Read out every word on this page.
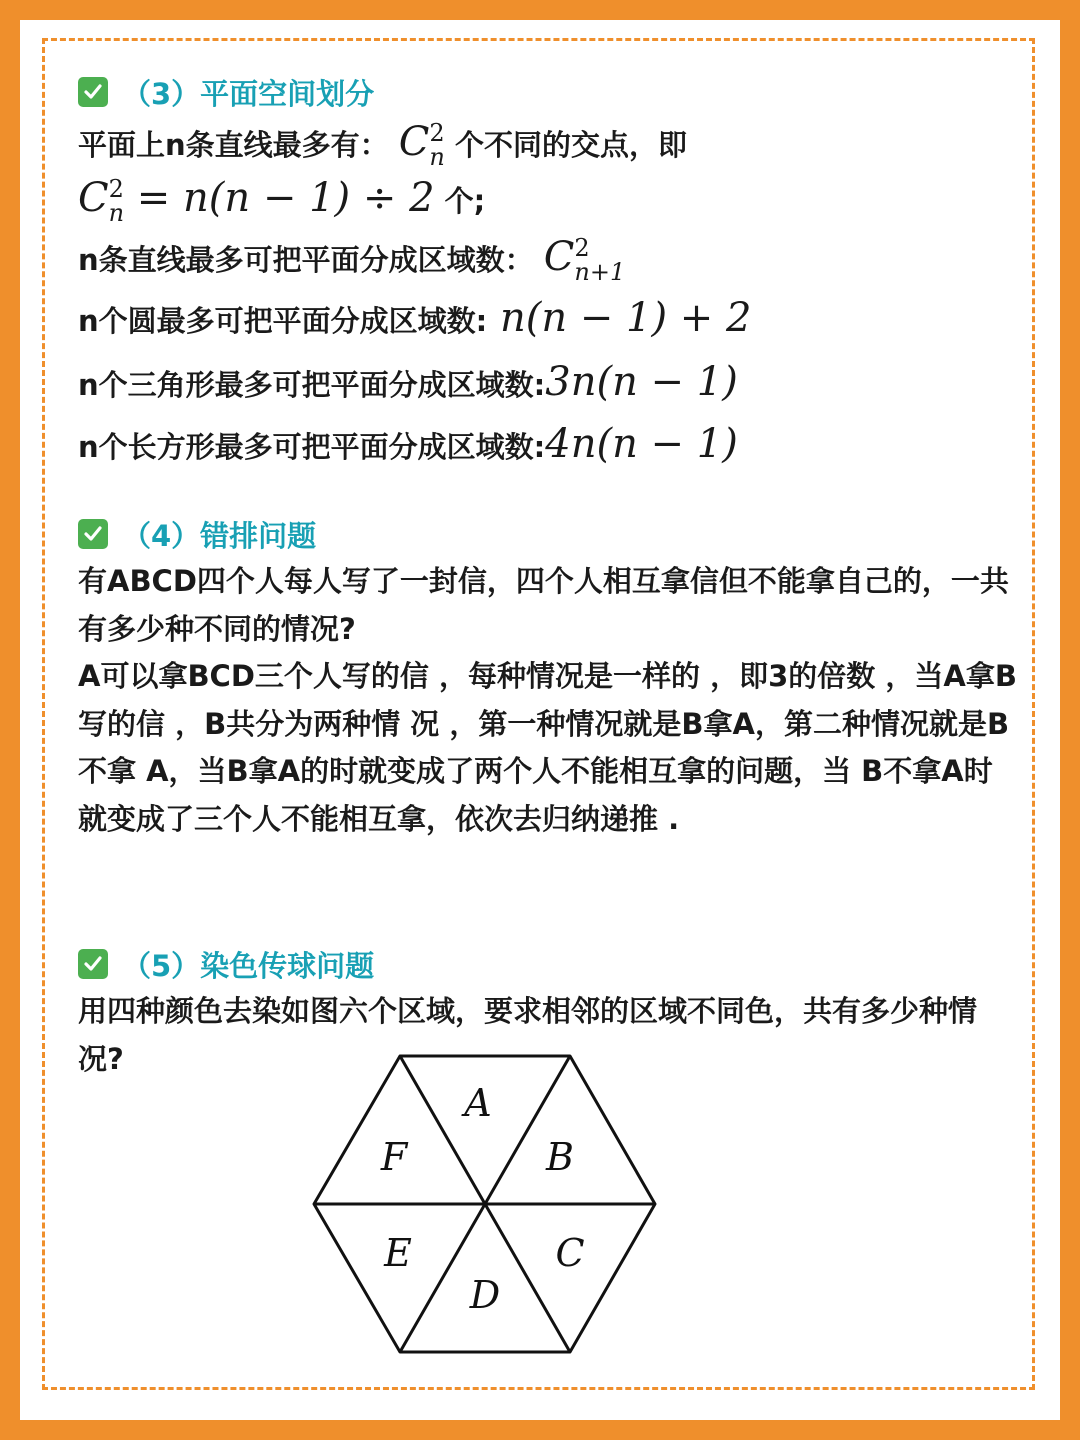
（3）平面空间划分
平面上n条直线最多有： C 2
n 个不同的交点，即
C 2
n = n(n − 1) ÷ 2 个;
n条直线最多可把平面分成区域数： C 2
n+1
n个圆最多可把平面分成区域数: n(n − 1) + 2
n个三角形最多可把平面分成区域数:3n(n − 1)
n个长方形最多可把平面分成区域数:4n(n − 1)
（4）错排问题
有ABCD四个人每人写了一封信，四个人相互拿信但不能拿自己的，一共有多少种不同的情况?
A可以拿BCD三个人写的信 ，每种情况是一样的 ，即3的倍数 ，当A拿B写的信 ，B共分为两种情 况 ，第一种情况就是B拿A，第二种情况就是B不拿 A，当B拿A的时就变成了两个人不能相互拿的问题，当 B不拿A时就变成了三个人不能相互拿，依次去归纳递推 .
（5）染色传球问题
用四种颜色去染如图六个区域，要求相邻的区域不同色，共有多少种情况?
A
B
C
D
E
F
